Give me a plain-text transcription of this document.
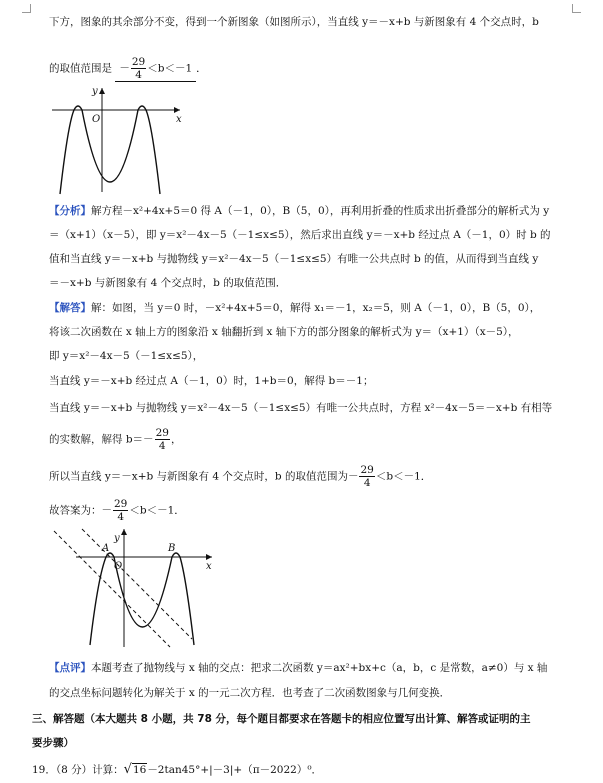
下方，图象的其余部分不变，得到一个新图象（如图所示），当直线 y＝－x+b 与新图象有 4 个交点时，b
的取值范围是 － $\frac{29}{4} <b<-1$ ．
y
O	x
【分析】解方程－x²+4x+5＝0 得 A（－1，0），B（5，0），再利用折叠的性质求出折叠部分的解析式为 y
＝（x+1）（x－5），即 y＝x²－4x－5（－1≤x≤5），然后求出直线 y＝－x+b 经过点 A（－1，0）时 b 的
值和当直线 y＝－x+b 与抛物线 y＝x²－4x－5（－1≤x≤5）有唯一公共点时 b 的值，从而得到当直线 y
＝－x+b 与新图象有 4 个交点时，b 的取值范围．
【解答】解：如图，当 y＝0 时，－x²+4x+5＝0，解得 x₁＝－1，x₂＝5，则 A（－1，0），B（5，0），
将该二次函数在 x 轴上方的图象沿 x 轴翻折到 x 轴下方的部分图象的解析式为 y＝（x+1）（x－5），
即 y＝x²－4x－5（－1≤x≤5），
当直线 y＝－x+b 经过点 A（－1，0）时，1+b＝0，解得 b＝－1；
当直线 y＝－x+b 与抛物线 y＝x²－4x－5（－1≤x≤5）有唯一公共点时，方程 x²－4x－5＝－x+b 有相等
的实数解，解得 $b=- \frac{29}{4}$ ，
所以当直线 y＝－x+b 与新图象有 4 个交点时，b 的取值范围为－ $\frac{29}{4} <b<-1$．
故答案为：－ $\frac{29}{4} <b<-1$．
y
O	x
A	B
【点评】本题考查了抛物线与 x 轴的交点：把求二次函数 y＝ax²+bx+c（a，b，c 是常数，a≠0）与 x 轴
的交点坐标问题转化为解关于 x 的一元二次方程．也考查了二次函数图象与几何变换．
三、解答题（本大题共 8 小题，共 78 分，每个题目都要求在答题卡的相应位置写出计算、解答或证明的主
要步骤）
19．（8 分）计算：√16－2tan45°+|－3|+（π－2022）⁰．
